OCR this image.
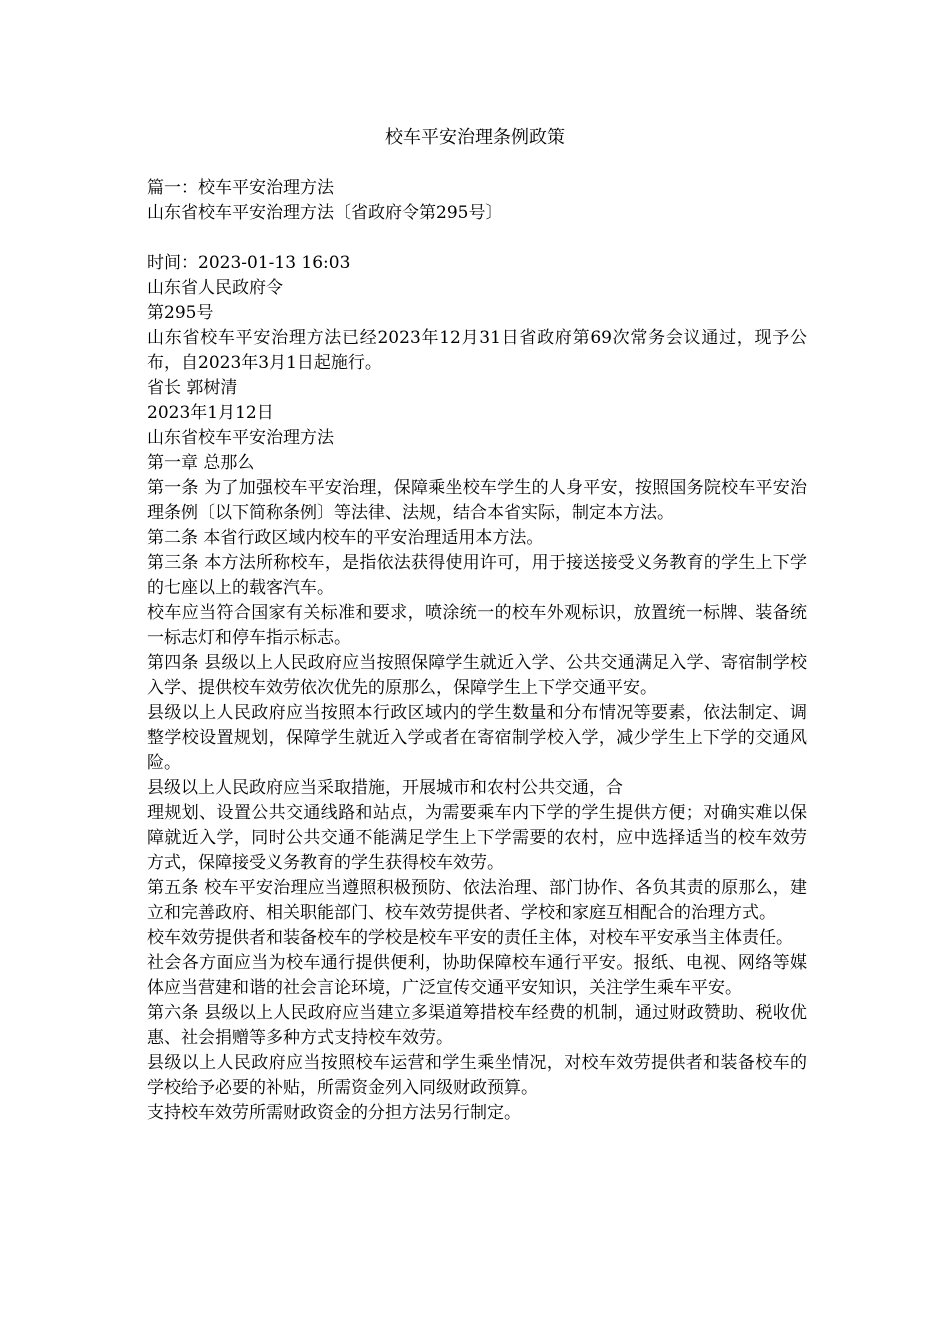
校车平安治理条例政策

篇一：校车平安治理方法

山东省校车平安治理方法〔省政府令第295号〕

时间：2023-01-13 16:03

山东省人民政府令

第295号

山东省校车平安治理方法已经2023年12月31日省政府第69次常务会议通过，现予公布，自2023年3月1日起施行。

省长 郭树清

2023年1月12日

山东省校车平安治理方法

第一章 总那么

第一条 为了加强校车平安治理，保障乘坐校车学生的人身平安，按照国务院校车平安治理条例〔以下简称条例〕等法律、法规，结合本省实际，制定本方法。

第二条 本省行政区域内校车的平安治理适用本方法。

第三条 本方法所称校车，是指依法获得使用许可，用于接送接受义务教育的学生上下学的七座以上的载客汽车。

校车应当符合国家有关标准和要求，喷涂统一的校车外观标识，放置统一标牌、装备统一标志灯和停车指示标志。

第四条 县级以上人民政府应当按照保障学生就近入学、公共交通满足入学、寄宿制学校入学、提供校车效劳依次优先的原那么，保障学生上下学交通平安。

县级以上人民政府应当按照本行政区域内的学生数量和分布情况等要素，依法制定、调整学校设置规划，保障学生就近入学或者在寄宿制学校入学，减少学生上下学的交通风险。

县级以上人民政府应当采取措施，开展城市和农村公共交通，合

理规划、设置公共交通线路和站点，为需要乘车内下学的学生提供方便；对确实难以保障就近入学，同时公共交通不能满足学生上下学需要的农村，应中选择适当的校车效劳方式，保障接受义务教育的学生获得校车效劳。

第五条 校车平安治理应当遵照积极预防、依法治理、部门协作、各负其责的原那么，建立和完善政府、相关职能部门、校车效劳提供者、学校和家庭互相配合的治理方式。

校车效劳提供者和装备校车的学校是校车平安的责任主体，对校车平安承当主体责任。

社会各方面应当为校车通行提供便利，协助保障校车通行平安。报纸、电视、网络等媒体应当营建和谐的社会言论环境，广泛宣传交通平安知识，关注学生乘车平安。

第六条 县级以上人民政府应当建立多渠道筹措校车经费的机制，通过财政赞助、税收优惠、社会捐赠等多种方式支持校车效劳。

县级以上人民政府应当按照校车运营和学生乘坐情况，对校车效劳提供者和装备校车的学校给予必要的补贴，所需资金列入同级财政预算。

支持校车效劳所需财政资金的分担方法另行制定。
